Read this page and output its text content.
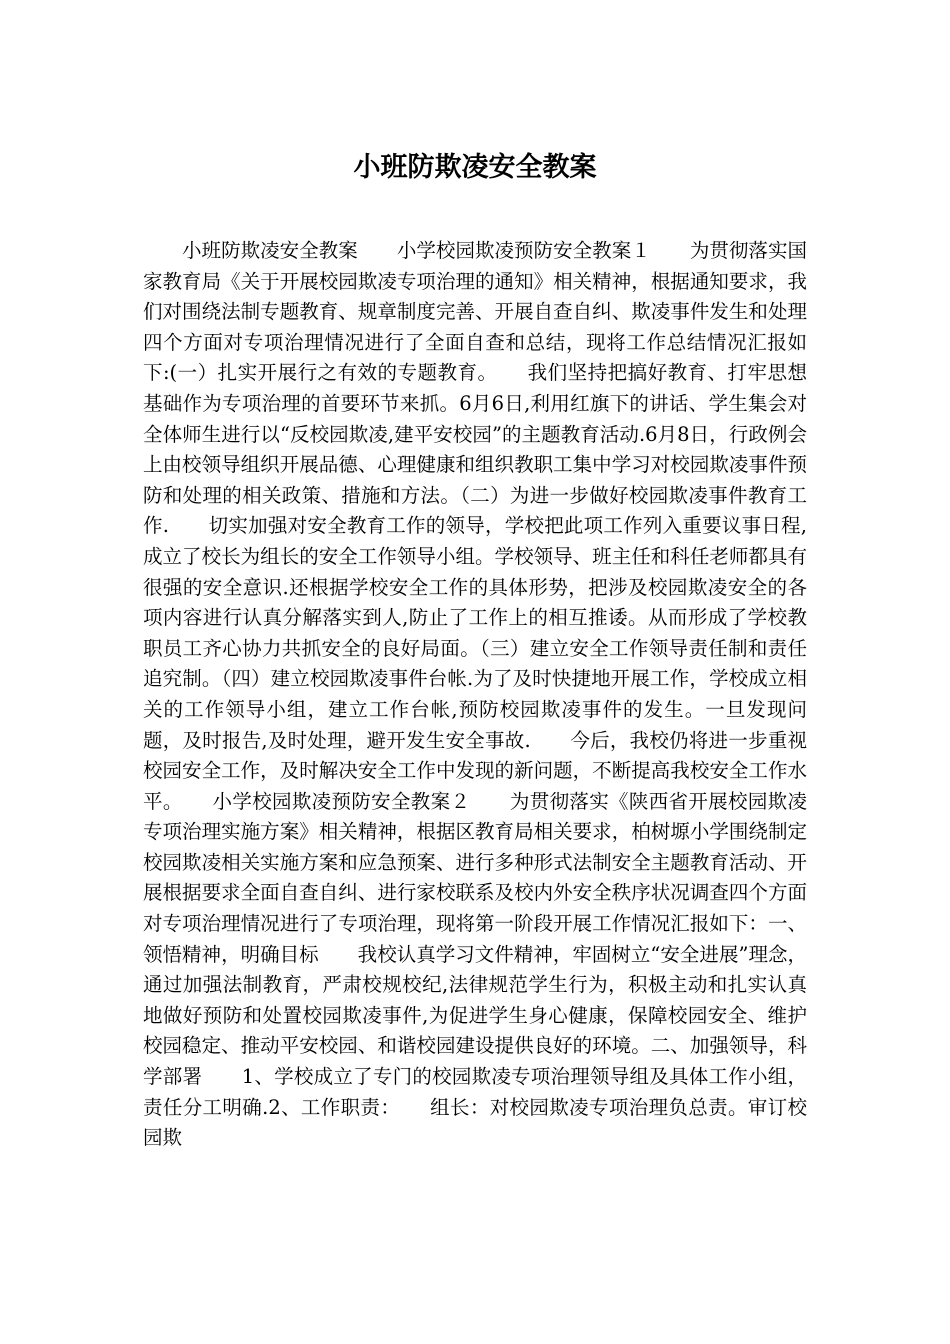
小班防欺凌安全教案

小班防欺凌安全教案　　小学校园欺凌预防安全教案１　　为贯彻落实国家教育局《关于开展校园欺凌专项治理的通知》相关精神，根据通知要求，我们对围绕法制专题教育、规章制度完善、开展自查自纠、欺凌事件发生和处理四个方面对专项治理情况进行了全面自查和总结，现将工作总结情况汇报如下:(一）扎实开展行之有效的专题教育。　　我们坚持把搞好教育、打牢思想基础作为专项治理的首要环节来抓。6月6日,利用红旗下的讲话、学生集会对全体师生进行以“反校园欺凌,建平安校园”的主题教育活动.6月8日，行政例会上由校领导组织开展品德、心理健康和组织教职工集中学习对校园欺凌事件预防和处理的相关政策、措施和方法。（二）为进一步做好校园欺凌事件教育工作.　　切实加强对安全教育工作的领导，学校把此项工作列入重要议事日程,成立了校长为组长的安全工作领导小组。学校领导、班主任和科任老师都具有很强的安全意识.还根据学校安全工作的具体形势，把涉及校园欺凌安全的各项内容进行认真分解落实到人,防止了工作上的相互推诿。从而形成了学校教职员工齐心协力共抓安全的良好局面。（三）建立安全工作领导责任制和责任追究制。（四）建立校园欺凌事件台帐.为了及时快捷地开展工作，学校成立相关的工作领导小组，建立工作台帐,预防校园欺凌事件的发生。一旦发现问题，及时报告,及时处理，避开发生安全事故.　　今后，我校仍将进一步重视校园安全工作，及时解决安全工作中发现的新问题，不断提高我校安全工作水平。　　小学校园欺凌预防安全教案２　　为贯彻落实《陕西省开展校园欺凌专项治理实施方案》相关精神，根据区教育局相关要求，柏树塬小学围绕制定校园欺凌相关实施方案和应急预案、进行多种形式法制安全主题教育活动、开展根据要求全面自查自纠、进行家校联系及校内外安全秩序状况调查四个方面对专项治理情况进行了专项治理，现将第一阶段开展工作情况汇报如下：一、领悟精神，明确目标　　我校认真学习文件精神，牢固树立“安全进展”理念，通过加强法制教育，严肃校规校纪,法律规范学生行为，积极主动和扎实认真地做好预防和处置校园欺凌事件,为促进学生身心健康，保障校园安全、维护校园稳定、推动平安校园、和谐校园建设提供良好的环境。二、加强领导，科学部署　　1、学校成立了专门的校园欺凌专项治理领导组及具体工作小组，责任分工明确.2、工作职责：　　组长：对校园欺凌专项治理负总责。审订校园欺
